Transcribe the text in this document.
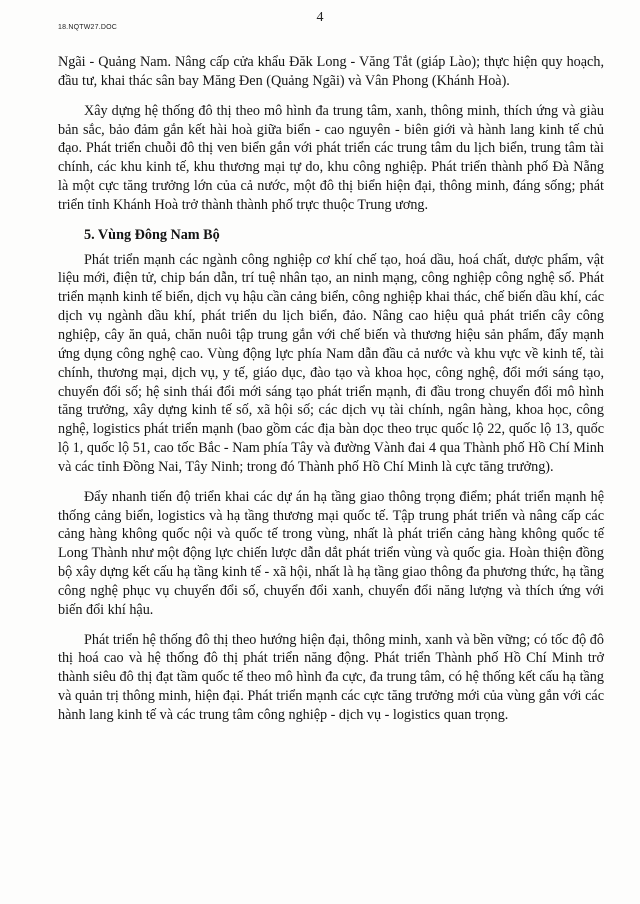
18.NQTW27.DOC
4

Ngãi - Quảng Nam. Nâng cấp cửa khẩu Đăk Long - Văng Tắt (giáp Lào); thực hiện quy hoạch, đầu tư, khai thác sân bay Măng Đen (Quảng Ngãi) và Vân Phong (Khánh Hoà).

Xây dựng hệ thống đô thị theo mô hình đa trung tâm, xanh, thông minh, thích ứng và giàu bản sắc, bảo đảm gắn kết hài hoà giữa biển - cao nguyên - biên giới và hành lang kinh tế chủ đạo. Phát triển chuỗi đô thị ven biển gắn với phát triển các trung tâm du lịch biển, trung tâm tài chính, các khu kinh tế, khu thương mại tự do, khu công nghiệp. Phát triển thành phố Đà Nẵng là một cực tăng trưởng lớn của cả nước, một đô thị biển hiện đại, thông minh, đáng sống; phát triển tỉnh Khánh Hoà trở thành thành phố trực thuộc Trung ương.

5. Vùng Đông Nam Bộ

Phát triển mạnh các ngành công nghiệp cơ khí chế tạo, hoá dầu, hoá chất, dược phẩm, vật liệu mới, điện tử, chip bán dẫn, trí tuệ nhân tạo, an ninh mạng, công nghiệp công nghệ số. Phát triển mạnh kinh tế biển, dịch vụ hậu cần cảng biển, công nghiệp khai thác, chế biến dầu khí, các dịch vụ ngành dầu khí, phát triển du lịch biển, đảo. Nâng cao hiệu quả phát triển cây công nghiệp, cây ăn quả, chăn nuôi tập trung gắn với chế biến và thương hiệu sản phẩm, đẩy mạnh ứng dụng công nghệ cao. Vùng động lực phía Nam dẫn đầu cả nước và khu vực về kinh tế, tài chính, thương mại, dịch vụ, y tế, giáo dục, đào tạo và khoa học, công nghệ, đổi mới sáng tạo, chuyển đổi số; hệ sinh thái đổi mới sáng tạo phát triển mạnh, đi đầu trong chuyển đổi mô hình tăng trưởng, xây dựng kinh tế số, xã hội số; các dịch vụ tài chính, ngân hàng, khoa học, công nghệ, logistics phát triển mạnh (bao gồm các địa bàn dọc theo trục quốc lộ 22, quốc lộ 13, quốc lộ 1, quốc lộ 51, cao tốc Bắc - Nam phía Tây và đường Vành đai 4 qua Thành phố Hồ Chí Minh và các tỉnh Đồng Nai, Tây Ninh; trong đó Thành phố Hồ Chí Minh là cực tăng trưởng).

Đẩy nhanh tiến độ triển khai các dự án hạ tầng giao thông trọng điểm; phát triển mạnh hệ thống cảng biển, logistics và hạ tầng thương mại quốc tế. Tập trung phát triển và nâng cấp các cảng hàng không quốc nội và quốc tế trong vùng, nhất là phát triển cảng hàng không quốc tế Long Thành như một động lực chiến lược dẫn dắt phát triển vùng và quốc gia. Hoàn thiện đồng bộ xây dựng kết cấu hạ tầng kinh tế - xã hội, nhất là hạ tầng giao thông đa phương thức, hạ tầng công nghệ phục vụ chuyển đổi số, chuyển đổi xanh, chuyển đổi năng lượng và thích ứng với biến đổi khí hậu.

Phát triển hệ thống đô thị theo hướng hiện đại, thông minh, xanh và bền vững; có tốc độ đô thị hoá cao và hệ thống đô thị phát triển năng động. Phát triển Thành phố Hồ Chí Minh trở thành siêu đô thị đạt tầm quốc tế theo mô hình đa cực, đa trung tâm, có hệ thống kết cấu hạ tầng và quản trị thông minh, hiện đại. Phát triển mạnh các cực tăng trưởng mới của vùng gắn với các hành lang kinh tế và các trung tâm công nghiệp - dịch vụ - logistics quan trọng.
